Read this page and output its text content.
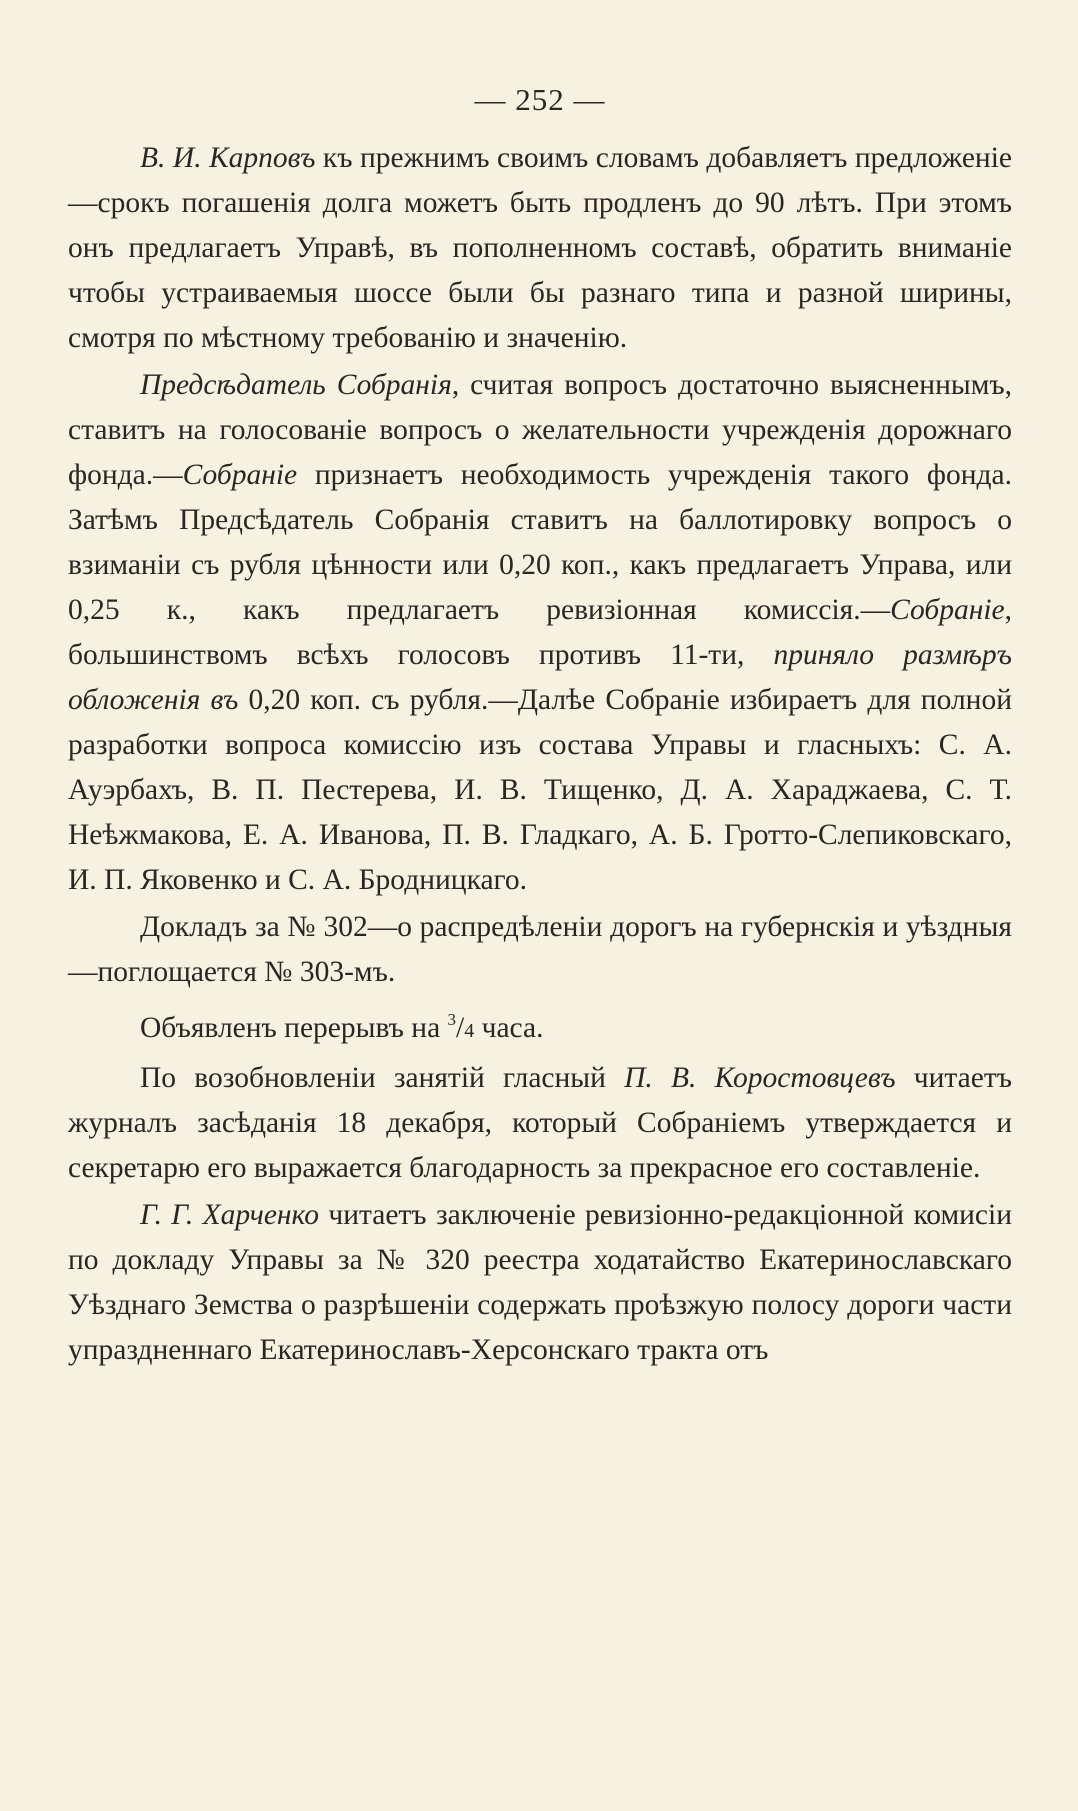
— 252 —

В. И. Карповъ къ прежнимъ своимъ словамъ добавляетъ предложеніе—срокъ погашенія долга можетъ быть продленъ до 90 лѣтъ. При этомъ онъ предлагаетъ Управѣ, въ пополненномъ составѣ, обратить вниманіе чтобы устраиваемыя шоссе были бы разнаго типа и разной ширины, смотря по мѣстному требованію и значенію.

Предсѣдатель Собранія, считая вопросъ достаточно выясненнымъ, ставитъ на голосованіе вопросъ о желательности учрежденія дорожнаго фонда.—Собраніе признаетъ необходимость учрежденія такого фонда. Затѣмъ Предсѣдатель Собранія ставитъ на баллотировку вопросъ о взиманіи съ рубля цѣнности или 0,20 коп., какъ предлагаетъ Управа, или 0,25 к., какъ предлагаетъ ревизіонная комиссія.—Собраніе, большинствомъ всѣхъ голосовъ противъ 11-ти, приняло размѣръ обложенія въ 0,20 коп. съ рубля.—Далѣе Собраніе избираетъ для полной разработки вопроса комиссію изъ состава Управы и гласныхъ: С. А. Ауэрбахъ, В. П. Пестерева, И. В. Тищенко, Д. А. Хараджаева, С. Т. Неѣжмакова, Е. А. Иванова, П. В. Гладкаго, А. Б. Гротто-Слепиковскаго, И. П. Яковенко и С. А. Бродницкаго.

Докладъ за № 302—о распредѣленіи дорогъ на губернскія и уѣздныя—поглощается № 303-мъ.

Объявленъ перерывъ на $^3$/4 часа.

По возобновленіи занятій гласный П. В. Коростовцевъ читаетъ журналъ засѣданія 18 декабря, который Собраніемъ утверждается и секретарю его выражается благодарность за прекрасное его составленіе.

Г. Г. Харченко читаетъ заключеніе ревизіонно-редакціонной комисіи по докладу Управы за № 320 реестра ходатайство Екатеринославскаго Уѣзднаго Земства о разрѣшеніи содержать проѣзжую полосу дороги части упраздненнаго Екатеринославъ-Херсонскаго тракта отъ
